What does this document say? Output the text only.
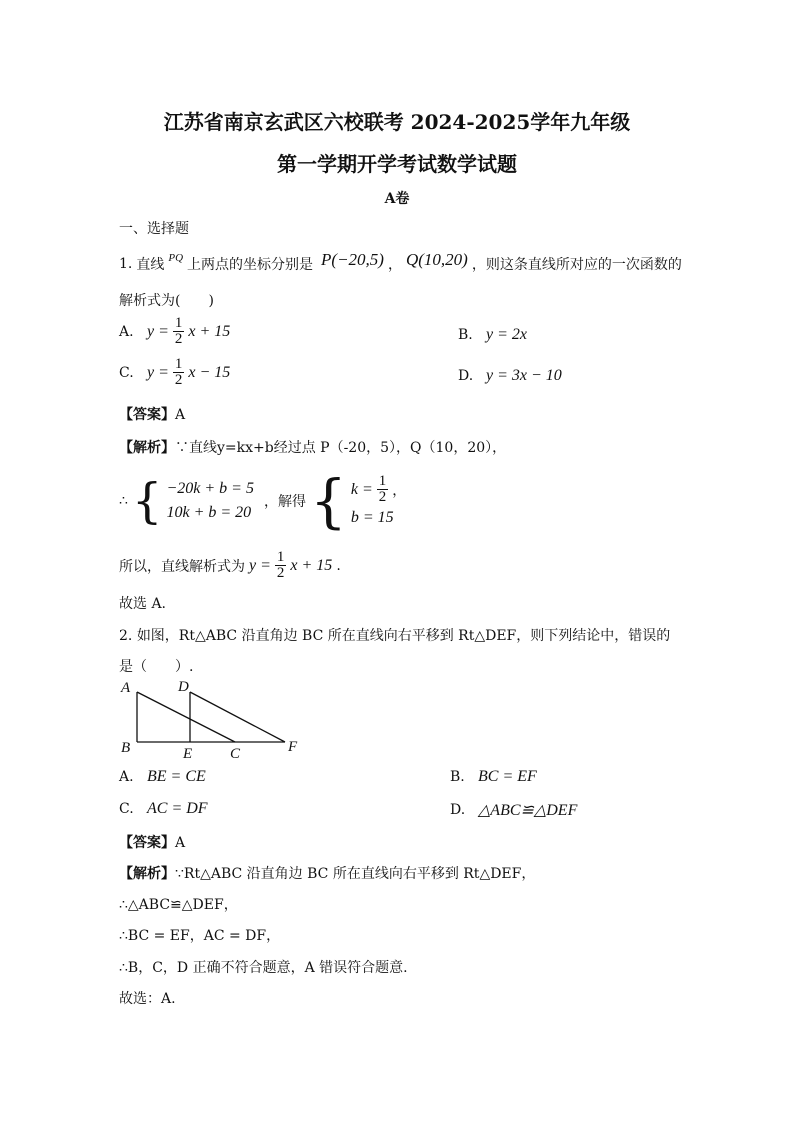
江苏省南京玄武区六校联考 2024-2025学年九年级
第一学期开学考试数学试题
A卷
一、选择题
1. 直线 PQ 上两点的坐标分别是 P(−20,5) ， Q(10,20) ，则这条直线所对应的一次函数的
解析式为(　　)
A. $y = \frac{1}{2}$ x + 15	B. y = 2x
C. $y = \frac{1}{2}$ x − 15	D. y = 3x − 10
【答案】A
【解析】∵直线y=kx+b经过点 P（-20，5），Q（10，20），
∴ { −20k + b = 5
10k + b = 20
，解得 { $k = \frac{1}{2}$ ，
b = 15
所以，直线解析式为 $y = \frac{1}{2}$ x + 15 .
故选 A.
2. 如图，Rt△ABC 沿直角边 BC 所在直线向右平移到 Rt△DEF，则下列结论中，错误的
是（　　）.
A	D
B	E	C	F
A. BE = CE	B. BC = EF
C. AC = DF	D. △ABC≌△DEF
【答案】A
【解析】∵Rt△ABC 沿直角边 BC 所在直线向右平移到 Rt△DEF，
∴△ABC≌△DEF，
∴BC = EF，AC = DF，
∴B，C，D 正确不符合题意，A 错误符合题意.
故选：A.
